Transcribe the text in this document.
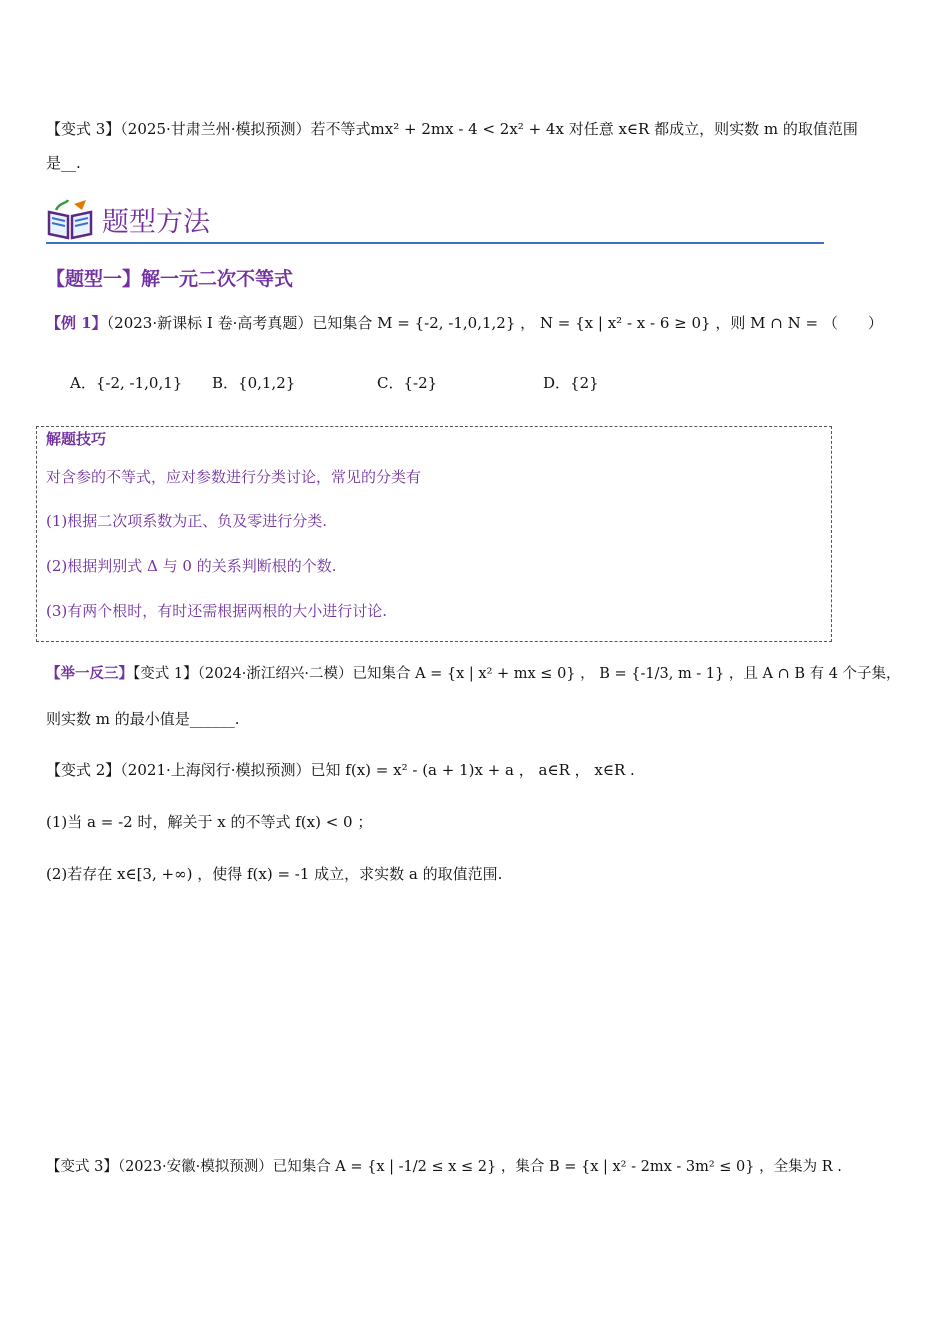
【变式 3】（2025·甘肃兰州·模拟预测）若不等式mx² + 2mx - 4 < 2x² + 4x 对任意 x∈R 都成立，则实数 m 的取值范围
是__.
题型方法
【题型一】解一元二次不等式
【例 1】（2023·新课标 I 卷·高考真题）已知集合 M = {-2, -1,0,1,2} ， N = {x | x² - x - 6 ≥ 0} ，则 M ∩ N = （　　）
A．{-2, -1,0,1} B．{0,1,2}	C．{-2}	D．{2}
解题技巧
对含参的不等式，应对参数进行分类讨论，常见的分类有
(1)根据二次项系数为正、负及零进行分类.
(2)根据判别式 Δ 与 0 的关系判断根的个数.
(3)有两个根时，有时还需根据两根的大小进行讨论.
【举一反三】【变式 1】（2024·浙江绍兴·二模）已知集合 A = {x | x² + mx ≤ 0} ， B = {-1/3, m - 1} ，且 A ∩ B 有 4 个子集，
则实数 m 的最小值是______.
【变式 2】（2021·上海闵行·模拟预测）已知 f(x) = x² - (a + 1)x + a ， a∈R ， x∈R .
(1)当 a = -2 时，解关于 x 的不等式 f(x) < 0 ；
(2)若存在 x∈[3, +∞) ，使得 f(x) = -1 成立，求实数 a 的取值范围.
【变式 3】（2023·安徽·模拟预测）已知集合 A = {x | -1/2 ≤ x ≤ 2} ，集合 B = {x | x² - 2mx - 3m² ≤ 0} ，全集为 R .
